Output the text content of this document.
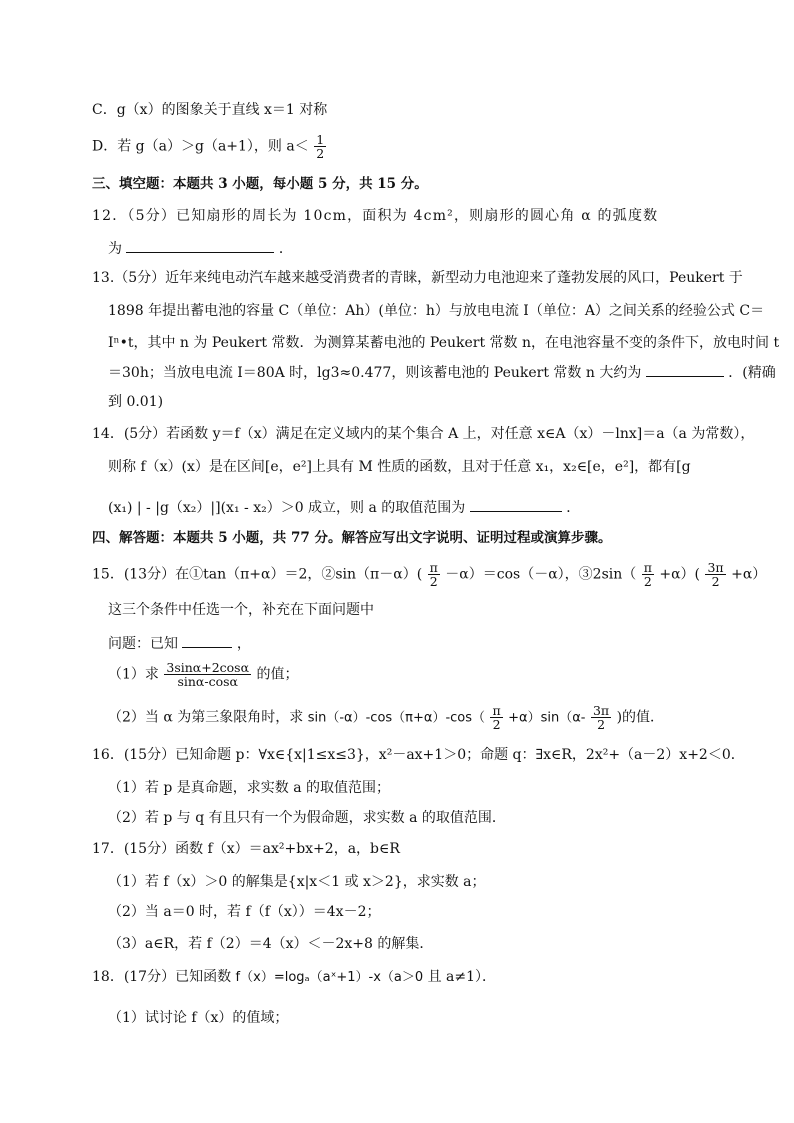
C．g（x）的图象关于直线 x＝1 对称
D．若 g（a）＞g（a+1），则 $a< \frac{1}{2}$
三、填空题：本题共 3 小题，每小题 5 分，共 15 分。
12．（5分）已知扇形的周长为 10cm，面积为 4cm²，则扇形的圆心角 α 的弧度数
为	．
13.（5分）近年来纯电动汽车越来越受消费者的青睐，新型动力电池迎来了蓬勃发展的风口，Peukert 于
1898 年提出蓄电池的容量 C（单位：Ah）(单位：h）与放电电流 I（单位：A）之间关系的经验公式 C＝
Iⁿ•t，其中 n 为 Peukert 常数．为测算某蓄电池的 Peukert 常数 n，在电池容量不变的条件下，放电时间 t
＝30h；当放电电流 I＝80A 时，lg3≈0.477，则该蓄电池的 Peukert 常数 n 大约为	．(精确
到 0.01)
14．(5分）若函数 y＝f（x）满足在定义域内的某个集合 A 上，对任意 x∈A（x）－lnx]＝a（a 为常数），
则称 f（x）(x）是在区间[e，e²]上具有 M 性质的函数，且对于任意 x₁，x₂∈[e，e²]，都有[g
(x₁) | - |g（x₂）|](x₁ - x₂）＞0 成立，则 a 的取值范围为	．
四、解答题：本题共 5 小题，共 77 分。解答应写出文字说明、证明过程或演算步骤。
15．(13分）在①tan（π+α）＝2，②sin（π－α）( $\frac{\pi}{2} -\alpha)=\cos(-\alpha)$，③2sin（ $\frac{\pi}{2} +\alpha)( \frac{3\pi}{2} +\alpha)$
这三个条件中任选一个，补充在下面问题中
问题：已知	，
（1）求 $\frac{3\sin\alpha+2\cos\alpha}{\sin\alpha-\cos\alpha}$ 的值；
（2）当 α 为第三象限角时，求 $\sin(-\alpha)-\cos(\pi+\alpha)-\cos( \frac{\pi}{2} +\alpha)\sin(\alpha- \frac{3\pi}{2}$ )的值．
16．(15分）已知命题 p：∀x∈{x|1≤x≤3}，x²－ax+1＞0；命题 q：∃x∈R，2x²+（a－2）x+2＜0．
（1）若 p 是真命题，求实数 a 的取值范围；
（2）若 p 与 q 有且只有一个为假命题，求实数 a 的取值范围．
17．(15分）函数 f（x）＝ax²+bx+2，a，b∈R
（1）若 f（x）＞0 的解集是{x|x＜1 或 x＞2}，求实数 a；
（2）当 a＝0 时，若 f（f（x））＝4x－2；
（3）a∈R，若 f（2）＝4（x）＜－2x+8 的解集．
18．(17分）已知函数 f（x）=logₐ（aˣ+1）-x（a＞0 且 a≠1）．
（1）试讨论 f（x）的值域；
